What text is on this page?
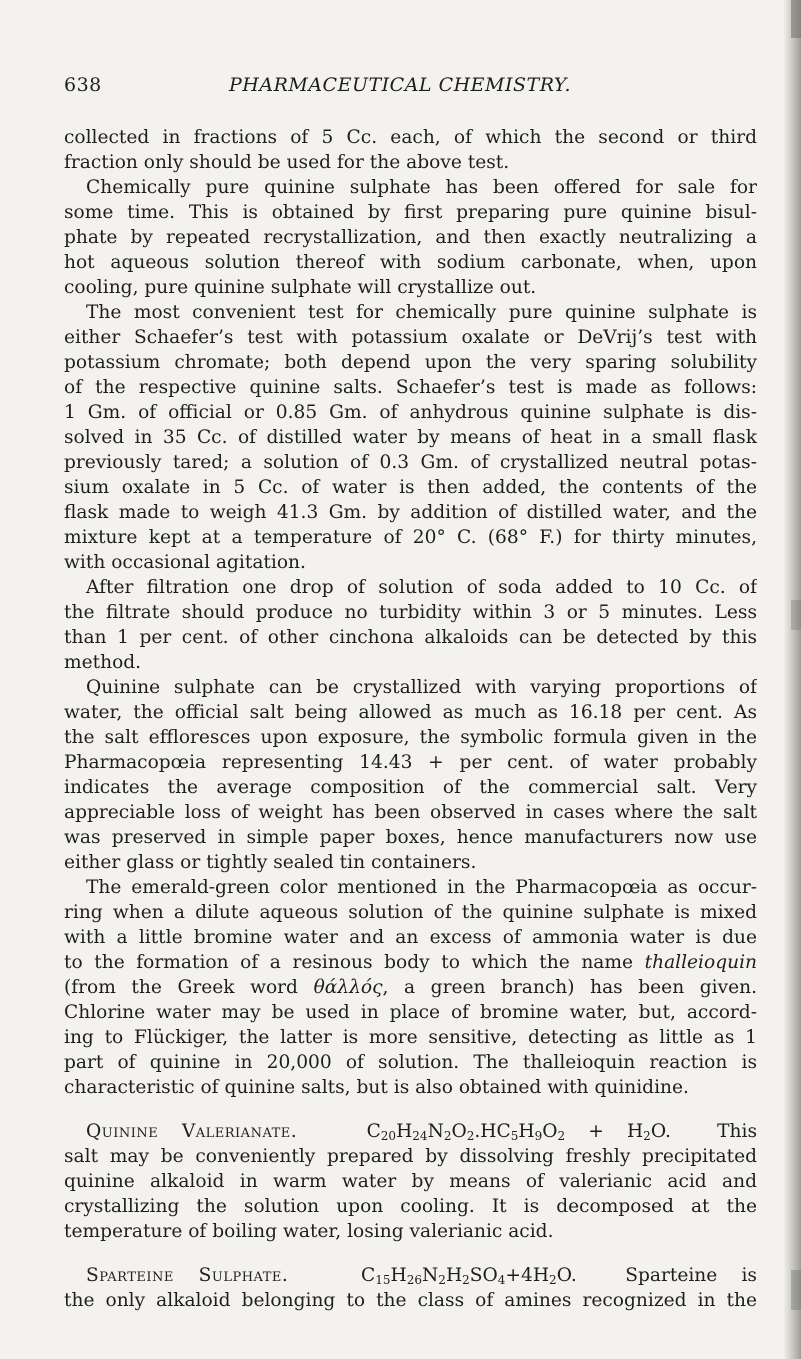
638	PHARMACEUTICAL CHEMISTRY.
collected in fractions of 5 Cc. each, of which the second or third
fraction only should be used for the above test.
Chemically pure quinine sulphate has been offered for sale for
some time. This is obtained by first preparing pure quinine bisul-
phate by repeated recrystallization, and then exactly neutralizing a
hot aqueous solution thereof with sodium carbonate, when, upon
cooling, pure quinine sulphate will crystallize out.
The most convenient test for chemically pure quinine sulphate is
either Schaefer’s test with potassium oxalate or DeVrij’s test with
potassium chromate; both depend upon the very sparing solubility
of the respective quinine salts. Schaefer’s test is made as follows:
1 Gm. of official or 0.85 Gm. of anhydrous quinine sulphate is dis-
solved in 35 Cc. of distilled water by means of heat in a small flask
previously tared; a solution of 0.3 Gm. of crystallized neutral potas-
sium oxalate in 5 Cc. of water is then added, the contents of the
flask made to weigh 41.3 Gm. by addition of distilled water, and the
mixture kept at a temperature of 20° C. (68° F.) for thirty minutes,
with occasional agitation.
After filtration one drop of solution of soda added to 10 Cc. of
the filtrate should produce no turbidity within 3 or 5 minutes. Less
than 1 per cent. of other cinchona alkaloids can be detected by this
method.
Quinine sulphate can be crystallized with varying proportions of
water, the official salt being allowed as much as 16.18 per cent. As
the salt effloresces upon exposure, the symbolic formula given in the
Pharmacopœia representing 14.43 + per cent. of water probably
indicates the average composition of the commercial salt. Very
appreciable loss of weight has been observed in cases where the salt
was preserved in simple paper boxes, hence manufacturers now use
either glass or tightly sealed tin containers.
The emerald-green color mentioned in the Pharmacopœia as occur-
ring when a dilute aqueous solution of the quinine sulphate is mixed
with a little bromine water and an excess of ammonia water is due
to the formation of a resinous body to which the name thalleioquin
(from the Greek word θάλλός, a green branch) has been given.
Chlorine water may be used in place of bromine water, but, accord-
ing to Flückiger, the latter is more sensitive, detecting as little as 1
part of quinine in 20,000 of solution. The thalleioquin reaction is
characteristic of quinine salts, but is also obtained with quinidine.
Quinine Valerianate.	$C_{20}H_{24}N_2O_2.HC_5H_9O_2 + H_2O$. This
salt may be conveniently prepared by dissolving freshly precipitated
quinine alkaloid in warm water by means of valerianic acid and
crystallizing the solution upon cooling. It is decomposed at the
temperature of boiling water, losing valerianic acid.
Sparteine Sulphate.	$C_{15}H_{26}N_2H_2SO_4+4H_2O$.	Sparteine is
the only alkaloid belonging to the class of amines recognized in the
